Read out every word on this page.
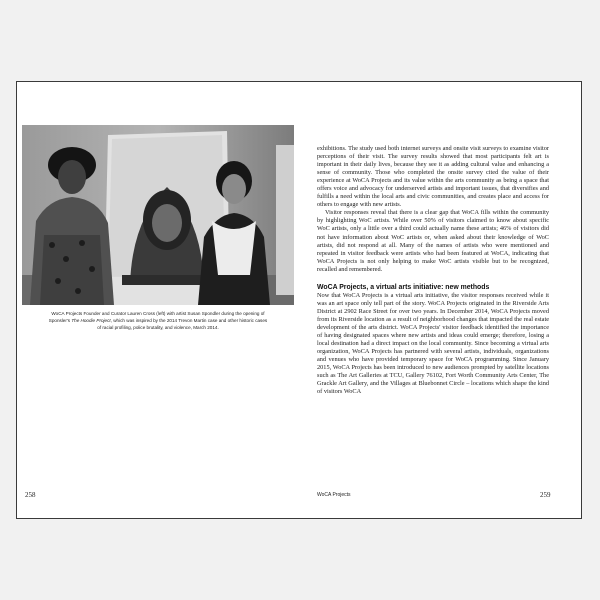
WoCA Projects Founder and Curator Lauren Cross (left) with artist Susan Spondler during the opening of Sponsler's The Hoodie Project, which was inspired by the 2014 Trevon Martin case and other historic cases of racial profiling, police brutality, and violence, March 2014.
258

exhibitions. The study used both internet surveys and onsite visit surveys to examine visitor perceptions of their visit. The survey results showed that most participants felt art is important in their daily lives, because they see it as adding cultural value and enhancing a sense of community. Those who completed the onsite survey cited the value of their experience at WoCA Projects and its value within the arts community as being a space that offers voice and advocacy for underserved artists and important issues, that diversifies and fulfills a need within the local arts and civic communities, and creates place and access for others to engage with new artists.

Visitor responses reveal that there is a clear gap that WoCA fills within the community by highlighting WoC artists. While over 50% of visitors claimed to know about specific WoC artists, only a little over a third could actually name these artists; 46% of visitors did not have information about WoC artists or, when asked about their knowledge of WoC artists, did not respond at all. Many of the names of artists who were mentioned and repeated in visitor feedback were artists who had been featured at WoCA, indicating that WoCA Projects is not only helping to make WoC artists visible but to be recognized, recalled and remembered.

WoCA Projects, a virtual arts initiative: new methods

Now that WoCA Projects is a virtual arts initiative, the visitor responses received while it was an art space only tell part of the story. WoCA Projects originated in the Riverside Arts District at 2902 Race Street for over two years. In December 2014, WoCA Projects moved from its Riverside location as a result of neighborhood changes that impacted the real estate development of the arts district. WoCA Projects' visitor feedback identified the importance of having designated spaces where new artists and ideas could emerge; therefore, losing a local destination had a direct impact on the local community. Since becoming a virtual arts organization, WoCA Projects has partnered with several artists, individuals, organizations and venues who have provided temporary space for WoCA programming. Since January 2015, WoCA Projects has been introduced to new audiences prompted by satellite locations such as The Art Galleries at TCU, Gallery 76102, Fort Worth Community Arts Center, The Grackle Art Gallery, and the Villages at Bluebonnet Circle – locations which shape the kind of visitors WoCA

WoCA Projects	259
